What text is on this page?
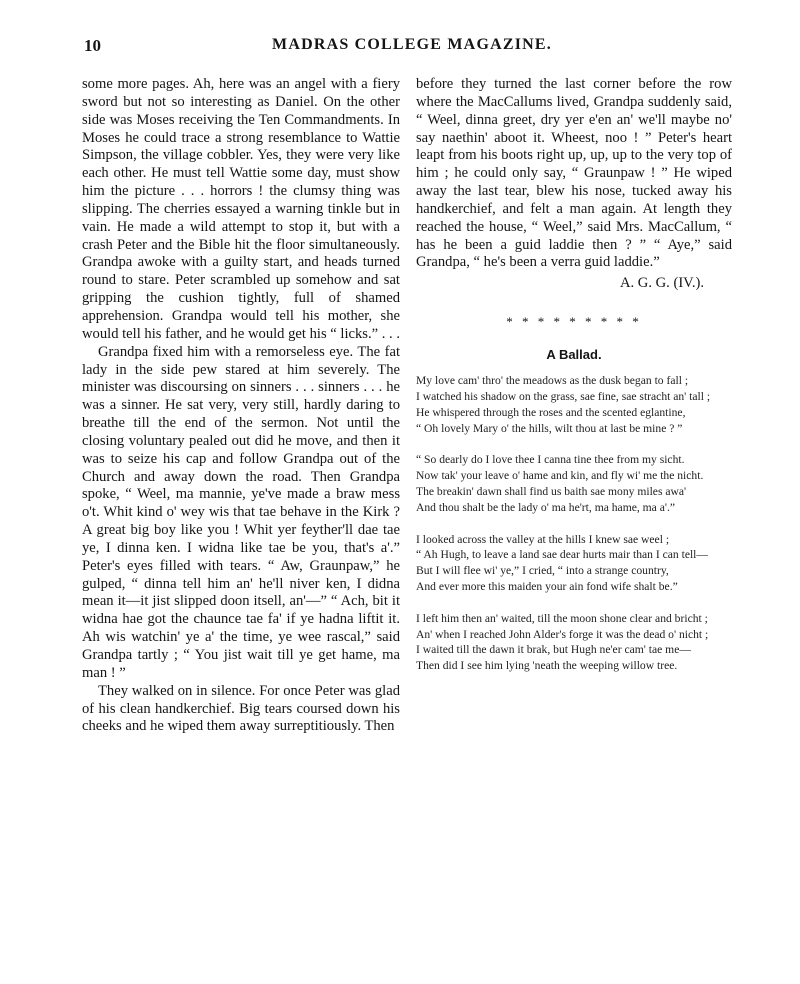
10	MADRAS COLLEGE MAGAZINE.

some more pages. Ah, here was an angel with a fiery sword but not so interesting as Daniel. On the other side was Moses receiving the Ten Commandments. In Moses he could trace a strong resemblance to Wattie Simpson, the village cobbler. Yes, they were very like each other. He must tell Wattie some day, must show him the picture . . . horrors ! the clumsy thing was slipping. The cherries essayed a warning tinkle but in vain. He made a wild attempt to stop it, but with a crash Peter and the Bible hit the floor simultaneously. Grandpa awoke with a guilty start, and heads turned round to stare. Peter scrambled up somehow and sat gripping the cushion tightly, full of shamed apprehension. Grandpa would tell his mother, she would tell his father, and he would get his “ licks.” . . .

Grandpa fixed him with a remorseless eye. The fat lady in the side pew stared at him severely. The minister was discoursing on sinners . . . sinners . . . he was a sinner. He sat very, very still, hardly daring to breathe till the end of the sermon. Not until the closing voluntary pealed out did he move, and then it was to seize his cap and follow Grandpa out of the Church and away down the road. Then Grandpa spoke, “ Weel, ma mannie, ye've made a braw mess o't. Whit kind o' wey wis that tae behave in the Kirk ? A great big boy like you ! Whit yer feyther'll dae tae ye, I dinna ken. I widna like tae be you, that's a'.” Peter's eyes filled with tears. “ Aw, Graunpaw,” he gulped, “ dinna tell him an' he'll niver ken, I didna mean it—it jist slipped doon itsell, an'—” “ Ach, bit it widna hae got the chaunce tae fa' if ye hadna liftit it. Ah wis watchin' ye a' the time, ye wee rascal,” said Grandpa tartly ; “ You jist wait till ye get hame, ma man ! ”

They walked on in silence. For once Peter was glad of his clean handkerchief. Big tears coursed down his cheeks and he wiped them away surreptitiously. Then

before they turned the last corner before the row where the MacCallums lived, Grandpa suddenly said, “ Weel, dinna greet, dry yer e'en an' we'll maybe no' say naethin' aboot it. Wheest, noo ! ” Peter's heart leapt from his boots right up, up, up to the very top of him ; he could only say, “ Graunpaw ! ” He wiped away the last tear, blew his nose, tucked away his handkerchief, and felt a man again. At length they reached the house, “ Weel,” said Mrs. MacCallum, “ has he been a guid laddie then ? ” “ Aye,” said Grandpa, “ he's been a verra guid laddie.”

A. G. G. (IV.).
* * * * * * * * *
A Ballad.
My love cam' thro' the meadows as the dusk began to fall ;
I watched his shadow on the grass, sae fine, sae stracht an' tall ;
He whispered through the roses and the scented eglantine,
“ Oh lovely Mary o' the hills, wilt thou at last be mine ? ”
“ So dearly do I love thee I canna tine thee from my sicht.
Now tak' your leave o' hame and kin, and fly wi' me the nicht.
The breakin' dawn shall find us baith sae mony miles awa'
And thou shalt be the lady o' ma he'rt, ma hame, ma a'.”
I looked across the valley at the hills I knew sae weel ;
“ Ah Hugh, to leave a land sae dear hurts mair than I can tell—
But I will flee wi' ye,” I cried, “ into a strange country,
And ever more this maiden your ain fond wife shalt be.”
I left him then an' waited, till the moon shone clear and bricht ;
An' when I reached John Alder's forge it was the dead o' nicht ;
I waited till the dawn it brak, but Hugh ne'er cam' tae me—
Then did I see him lying 'neath the weeping willow tree.
